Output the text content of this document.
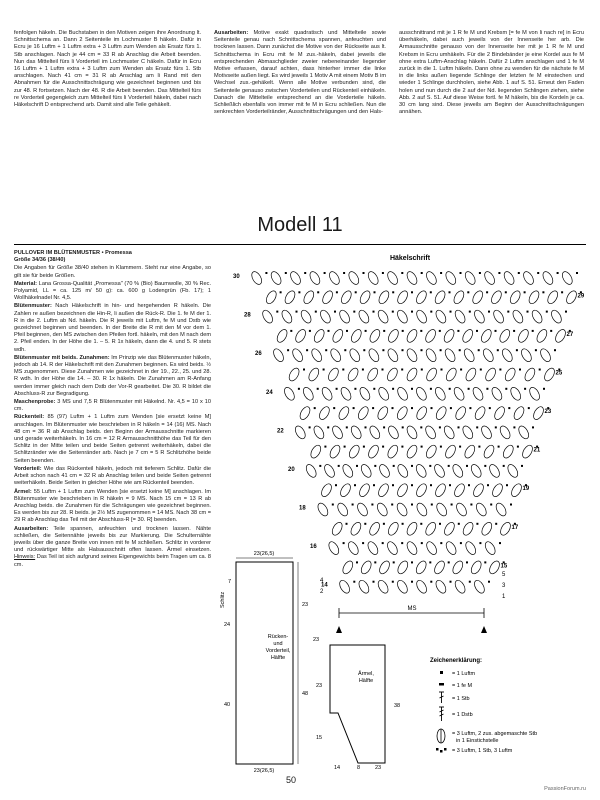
fenfolgen häkeln. Die Buchstaben in den Motiven zeigen ihre Anordnung lt. Schnittschema an. Dann 2 Seitenteile im Lochmuster B häkeln. Dafür in Ecru je 16 Luftm + 1 Luftm extra + 3 Luftm zum Wenden als Ersatz fürs 1. Stb anschlagen. Nach je 44 cm = 33 R ab Anschlag die Arbeit beenden. Nun das Mittelteil fürs li Vorderteil im Lochmuster C häkeln. Dafür in Ecru 16 Luftm + 1 Luftm extra + 3 Luftm zum Wenden als Ersatz fürs 1. Stb anschlagen. Nach 41 cm = 31 R ab Anschlag am li Rand mit den Abnahmen für die Ausschnittschrägung wie gezeichnet beginnen und bis zur 48. R fortsetzen. Nach der 48. R die Arbeit beenden. Das Mittelteil fürs re Vorderteil gegengleich zum Mittelteil fürs li Vorderteil häkeln, dabei nach Häkelschrift D entsprechend arb. Damit sind alle Teile gehäkelt.

Ausarbeiten: Motive exakt quadratisch und Mittelteile sowie Seitenteile genau nach Schnittschema spannen, anfeuchten und trocknen lassen. Dann zunächst die Motive von der Rückseite aus lt. Schnittschema in Ecru mit fe M zus.-häkeln, dabei jeweils die entsprechenden Abmaschglieder zweier nebeneinander liegender Motive erfassen, darauf achten, dass hinterher immer die linke Motivseite außen liegt. Es wird jeweils 1 Motiv A mit einem Motiv B im Wechsel zus.-gehäkelt. Wenn alle Motive verbunden sind, die Seitenteile genauso zwischen Vorderteilen und Rückenteil einhäkeln. Danach die Mittelteile entsprechend an die Vorderteile häkeln. Schließlich ebenfalls von immer mit fe M in Ecru schließen. Nun die senkrechten Vorderteilränder, Ausschnittschrägungen und den Hals-

ausschnittrand mit je 1 R fe M und Krebsm [= fe M von li nach re] in Ecru überhäkeln, dabei auch jeweils von der Innenseite her arb. Die Armausschnitte genauso von der Innenseite her mit je 1 R fe M und Krebsm in Ecru umhäkeln. Für die 2 Bindebänder je eine Kordel aus fe M ohne extra Luftm-Anschlag häkeln. Dafür 2 Luftm anschlagen und 1 fe M zurück in die 1. Luftm häkeln. Dann ohne zu wenden für die nächste fe M in die links außen liegende Schlinge der letzten fe M einstechen und wieder 1 Schlinge durchholen, siehe Abb. 1 auf S. 51. Erneut den Faden holen und nun durch die 2 auf der Nd. liegenden Schlingen ziehen, siehe Abb. 2 auf S. 51. Auf diese Weise fortl. fe M häkeln, bis die Kordeln je ca. 30 cm lang sind. Diese jeweils am Beginn der Ausschnittschrägungen annähen.

Modell 11

PULLOVER IM BLÜTENMUSTER • Promessa
Größe 34/36 (38/40)

Die Angaben für Größe 38/40 stehen in Klammern. Steht nur eine Angabe, so gilt sie für beide Größen.

Material: Lana Grossa-Qualität „Promessa" (70 % (Bio) Baumwolle, 30 % Rec. Polyamid, LL = ca. 125 m/ 50 g): ca. 600 g Lodengrün (Fb. 17); 1 Wollhäkelnadel Nr. 4,5.

Blütenmuster: Nach Häkelschrift in hin- und hergehenden R häkeln. Die Zahlen re außen bezeichnen die Hin-R, li außen die Rück-R. Die 1. fe M der 1. R in die 2. Luftm ab Nd. häkeln. Die R jeweils mit Luftm, fe M und Dstb wie gezeichnet beginnen und beenden. In der Breite die R mit den M vor dem 1. Pfeil beginnen, den MS zwischen den Pfeilen fortl. häkeln, mit den M nach dem 2. Pfeil enden. In der Höhe die 1. – 5. R 1x häkeln, dann die 4. und 5. R stets wdh.

Blütenmuster mit beids. Zunahmen: Im Prinzip wie das Blütenmuster häkeln, jedoch ab 14. R der Häkelschrift mit den Zunahmen beginnen. Es wird beids. ½ MS zugenommen. Diese Zunahmen wie gezeichnet in der 19., 22., 25. und 28. R wdh. In der Höhe die 14. – 30. R 1x häkeln. Die Zunahmen am R-Anfang werden immer gleich nach dem Dstb der Vor-R gearbeitet. Die 30. R bildet die Abschluss-R zur Begradigung.

Maschenprobe: 3 MS und 7,5 R Blütenmuster mit Häkelnd. Nr. 4,5 = 10 x 10 cm.

Rückenteil: 85 (97) Luftm + 1 Luftm zum Wenden [sie ersetzt keine M] anschlagen. Im Blütenmuster wie beschrieben in R häkeln = 14 (16) MS. Nach 48 cm = 36 R ab Anschlag beids. den Beginn der Armausschnitte markieren und gerade weiterhäkeln. In 16 cm = 12 R Armausschnitthöhe das Teil für den Schlitz in der Mitte teilen und beide Seiten getrennt weiterhäkeln, dabei die Schlitzränder wie die Seitenränder arb. Nach je 7 cm = 5 R Schlitzhöhe beide Seiten beenden.

Vorderteil: Wie das Rückenteil häkeln, jedoch mit tieferem Schlitz. Dafür die Arbeit schon nach 41 cm = 32 R ab Anschlag teilen und beide Seiten getrennt weiterhäkeln. Beide Seiten in gleicher Höhe wie am Rückenteil beenden.

Ärmel: 55 Luftm + 1 Luftm zum Wenden [sie ersetzt keine M] anschlagen. Im Blütenmuster wie beschrieben in R häkeln = 9 MS. Nach 15 cm = 13 R ab Anschlag beids. die Zunahmen für die Schrägungen wie gezeichnet beginnen. Es werden bis zur 28. R beids. je 2½ MS zugenommen = 14 MS. Nach 38 cm = 29 R ab Anschlag das Teil mit der Abschluss-R [= 30. R] beenden.

Ausarbeiten: Teile spannen, anfeuchten und trocknen lassen. Nähte schließen, die Seitennähte jeweils bis zur Markierung. Die Schulternähte jeweils über die ganze Breite von innen mit fe M schließen. Schlitz in vorderer und rückwärtiger Mitte als Halsausschnitt offen lassen. Ärmel einsetzen. Hinweis: Das Teil ist sich aufgrund seines Eigengewichts beim Tragen um ca. 8 cm.

Häkelschrift
30
28
26
24
22
20
18
16
14
29
27
25
23
21
19
17
15
5
3
1
4
2
MS
23(26,5)
Schlitz
Rücken-
und
Vorderteil,
Hälfte
7
24
40
23
48
23(26,5)
23
Ärmel,
Hälfte
23
15
38
14	8	23
Zeichenerklärung:
= 1 Luftm
= 1 fe M
= 1 Stb
= 1 Dstb
= 3 Luftm, 2 zus. abgemaschte Stb
in 1 Einstichstelle
= 3 Luftm, 1 Stb, 3 Luftm
50
PassionForum.ru
